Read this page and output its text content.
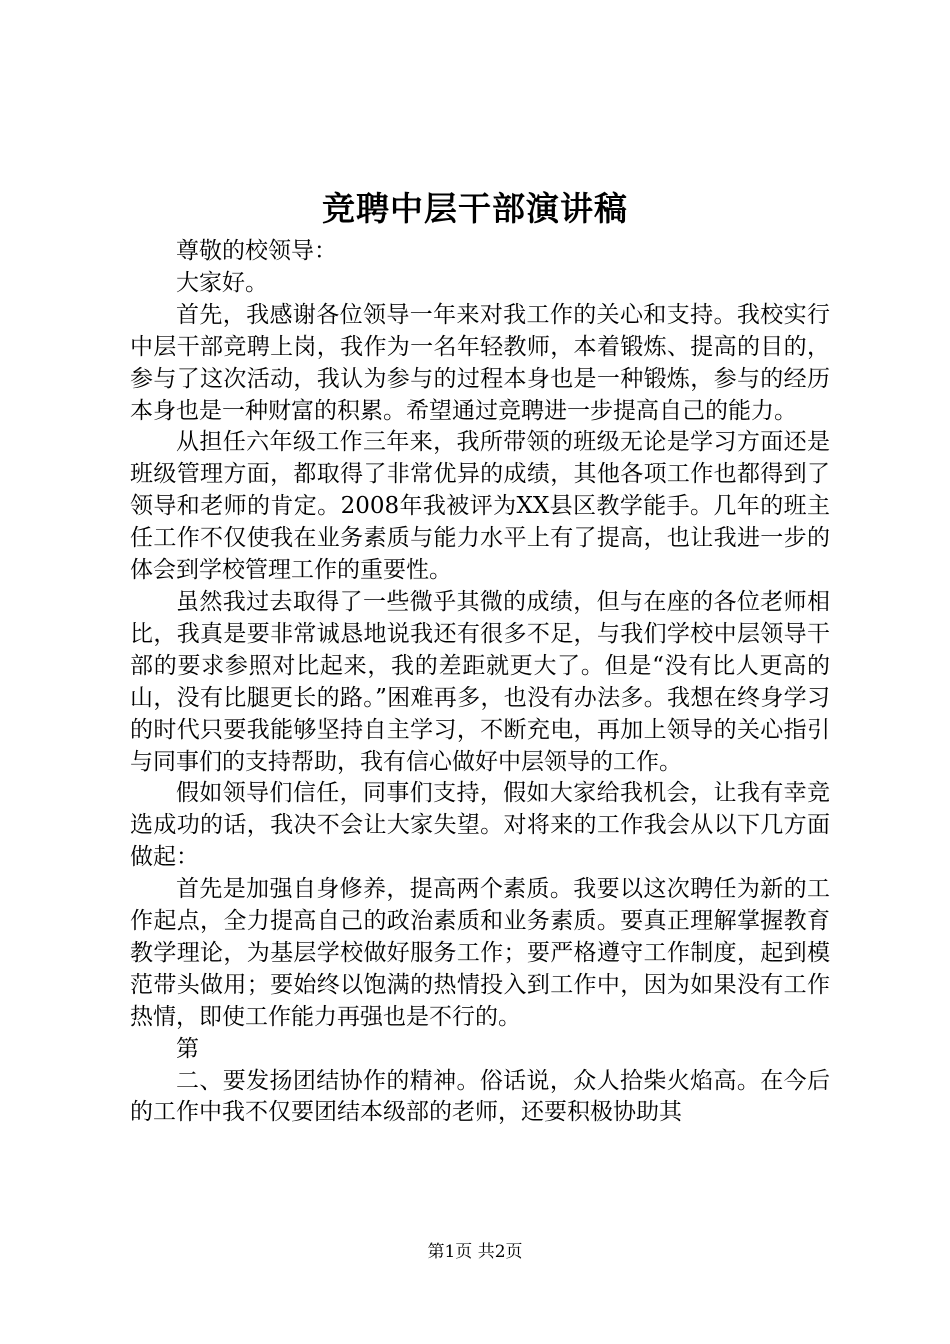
竞聘中层干部演讲稿

尊敬的校领导：

大家好。

首先，我感谢各位领导一年来对我工作的关心和支持。我校实行中层干部竞聘上岗，我作为一名年轻教师，本着锻炼、提高的目的，参与了这次活动，我认为参与的过程本身也是一种锻炼，参与的经历本身也是一种财富的积累。希望通过竞聘进一步提高自己的能力。

从担任六年级工作三年来，我所带领的班级无论是学习方面还是班级管理方面，都取得了非常优异的成绩，其他各项工作也都得到了领导和老师的肯定。2008年我被评为XX县区教学能手。几年的班主任工作不仅使我在业务素质与能力水平上有了提高，也让我进一步的体会到学校管理工作的重要性。

虽然我过去取得了一些微乎其微的成绩，但与在座的各位老师相比，我真是要非常诚恳地说我还有很多不足，与我们学校中层领导干部的要求参照对比起来，我的差距就更大了。但是“没有比人更高的山，没有比腿更长的路。”困难再多，也没有办法多。我想在终身学习的时代只要我能够坚持自主学习，不断充电，再加上领导的关心指引与同事们的支持帮助，我有信心做好中层领导的工作。

假如领导们信任，同事们支持，假如大家给我机会，让我有幸竞选成功的话，我决不会让大家失望。对将来的工作我会从以下几方面做起：

首先是加强自身修养，提高两个素质。我要以这次聘任为新的工作起点，全力提高自己的政治素质和业务素质。要真正理解掌握教育教学理论，为基层学校做好服务工作；要严格遵守工作制度，起到模范带头做用；要始终以饱满的热情投入到工作中，因为如果没有工作热情，即使工作能力再强也是不行的。

第

二、要发扬团结协作的精神。俗话说，众人拾柴火焰高。在今后的工作中我不仅要团结本级部的老师，还要积极协助其

第1页 共2页
